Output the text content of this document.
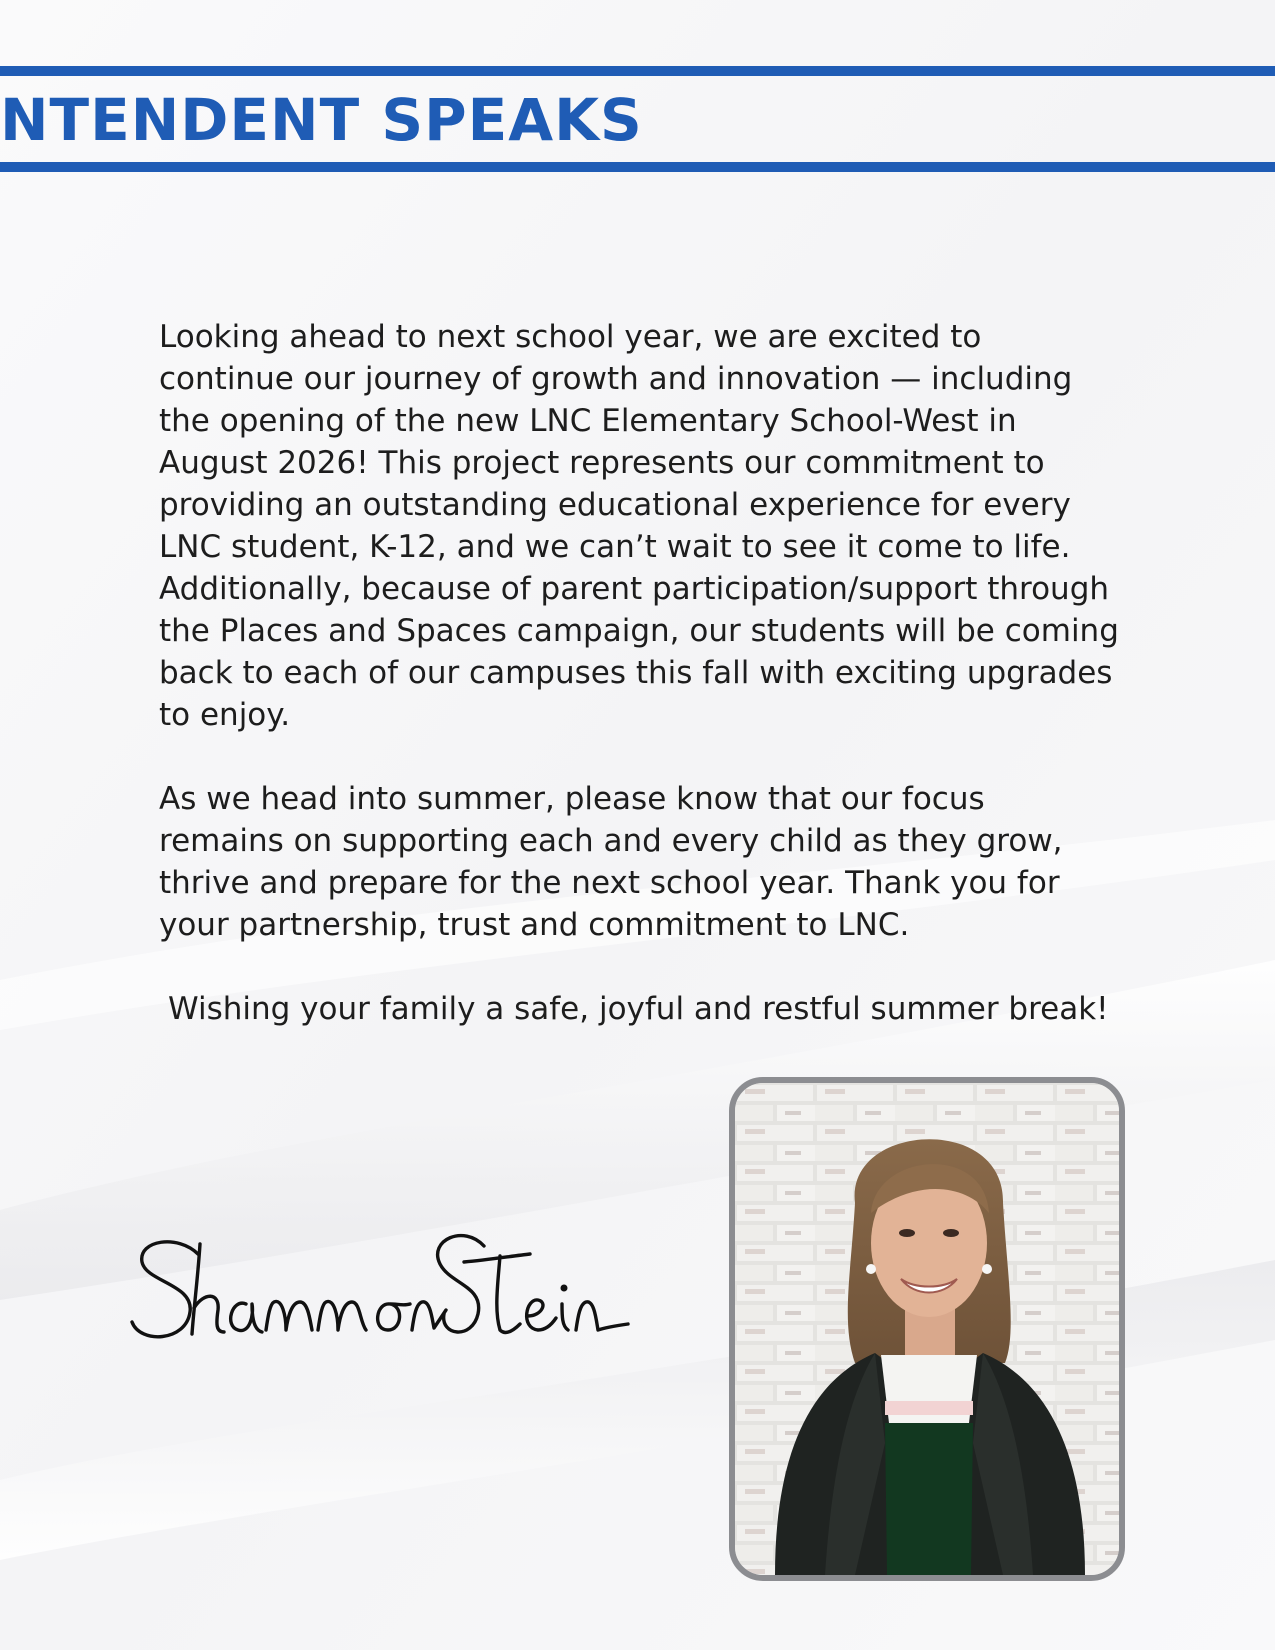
NTENDENT SPEAKS

Looking ahead to next school year, we are excited to continue our journey of growth and innovation — including the opening of the new LNC Elementary School-West in August 2026! This project represents our commitment to providing an outstanding educational experience for every LNC student, K-12, and we can’t wait to see it come to life. Additionally, because of parent participation/support through the Places and Spaces campaign, our students will be coming back to each of our campuses this fall with exciting upgrades to enjoy.

As we head into summer, please know that our focus remains on supporting each and every child as they grow, thrive and prepare for the next school year. Thank you for your partnership, trust and commitment to LNC.

Wishing your family a safe, joyful and restful summer break!
